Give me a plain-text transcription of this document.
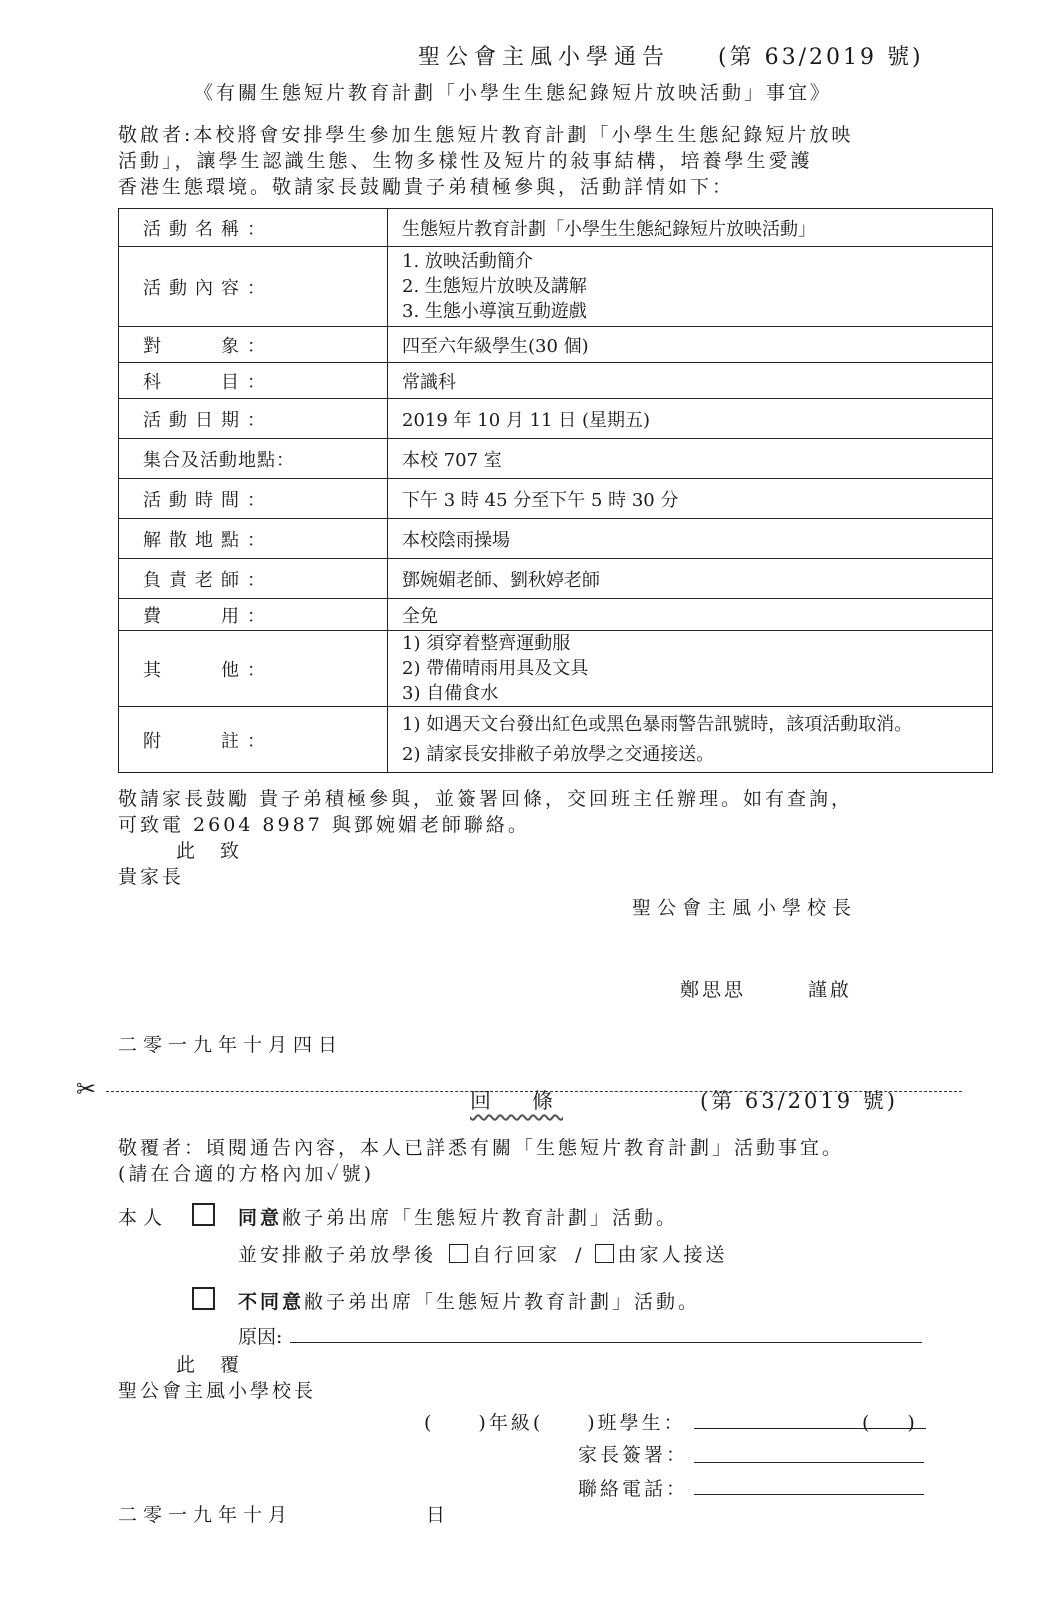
聖公會主風小學通告 (第 63/2019 號)
《有關生態短片教育計劃「小學生生態紀錄短片放映活動」事宜》
敬啟者:本校將會安排學生參加生態短片教育計劃「小學生生態紀錄短片放映
活動」，讓學生認識生態、生物多樣性及短片的敍事結構，培養學生愛護
香港生態環境。敬請家長鼓勵貴子弟積極參與，活動詳情如下：
活動名稱：	生態短片教育計劃「小學生生態紀錄短片放映活動」
活動內容：	1. 放映活動簡介
2. 生態短片放映及講解
3. 生態小導演互動遊戲

對　　象：	四至六年級學生(30 個)
科　　目：	常識科
活動日期：	2019 年 10 月 11 日 (星期五)
集合及活動地點：	本校 707 室
活動時間：	下午 3 時 45 分至下午 5 時 30 分
解散地點：	本校陰雨操場
負責老師：	鄧婉媚老師、劉秋婷老師
費　　用：	全免
其　　他：	1) 須穿着整齊運動服
2) 帶備晴雨用具及文具
3) 自備食水

附　　註：	1) 如遇天文台發出紅色或黑色暴雨警告訊號時，該項活動取消。
2) 請家長安排敝子弟放學之交通接送。
敬請家長鼓勵 貴子弟積極參與，並簽署回條，交回班主任辦理。如有查詢，
可致電 2604 8987 與鄧婉媚老師聯絡。
此　致
貴家長
聖公會主風小學校長
鄭思思	謹啟
二零一九年十月四日
✂	回　條	(第 63/2019 號)
敬覆者：頃閱通告內容，本人已詳悉有關「生態短片教育計劃」活動事宜。
(請在合適的方格內加✓號)
本人	同意敝子弟出席「生態短片教育計劃」活動。
並安排敝子弟放學後 自行回家 / 由家人接送
不同意敝子弟出席「生態短片教育計劃」活動。
原因:
此　覆
聖公會主風小學校長
(　　)年級(　　)班學生：	(　　)
家長簽署：
聯絡電話：
二零一九年十月	日
